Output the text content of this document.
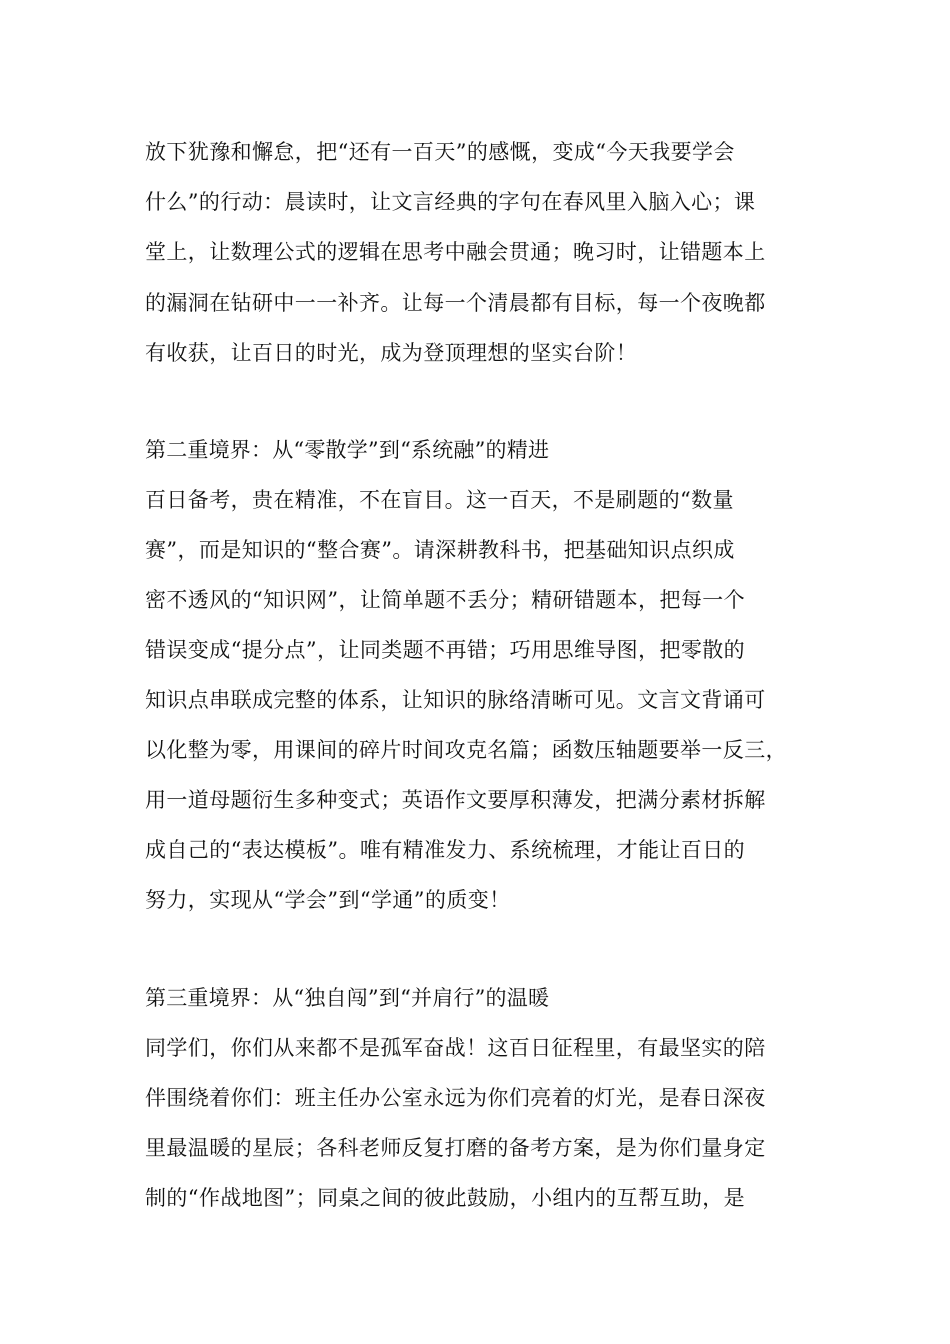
放下犹豫和懈怠，把“还有一百天”的感慨，变成“今天我要学会
什么”的行动：晨读时，让文言经典的字句在春风里入脑入心；课
堂上，让数理公式的逻辑在思考中融会贯通；晚习时，让错题本上
的漏洞在钻研中一一补齐。让每一个清晨都有目标，每一个夜晚都
有收获，让百日的时光，成为登顶理想的坚实台阶！
第二重境界：从“零散学”到“系统融”的精进
百日备考，贵在精准，不在盲目。这一百天，不是刷题的“数量
赛”，而是知识的“整合赛”。请深耕教科书，把基础知识点织成
密不透风的“知识网”，让简单题不丢分；精研错题本，把每一个
错误变成“提分点”，让同类题不再错；巧用思维导图，把零散的
知识点串联成完整的体系，让知识的脉络清晰可见。文言文背诵可
以化整为零，用课间的碎片时间攻克名篇；函数压轴题要举一反三，
用一道母题衍生多种变式；英语作文要厚积薄发，把满分素材拆解
成自己的“表达模板”。唯有精准发力、系统梳理，才能让百日的
努力，实现从“学会”到“学通”的质变！
第三重境界：从“独自闯”到“并肩行”的温暖
同学们，你们从来都不是孤军奋战！这百日征程里，有最坚实的陪
伴围绕着你们：班主任办公室永远为你们亮着的灯光，是春日深夜
里最温暖的星辰；各科老师反复打磨的备考方案，是为你们量身定
制的“作战地图”；同桌之间的彼此鼓励，小组内的互帮互助，是
